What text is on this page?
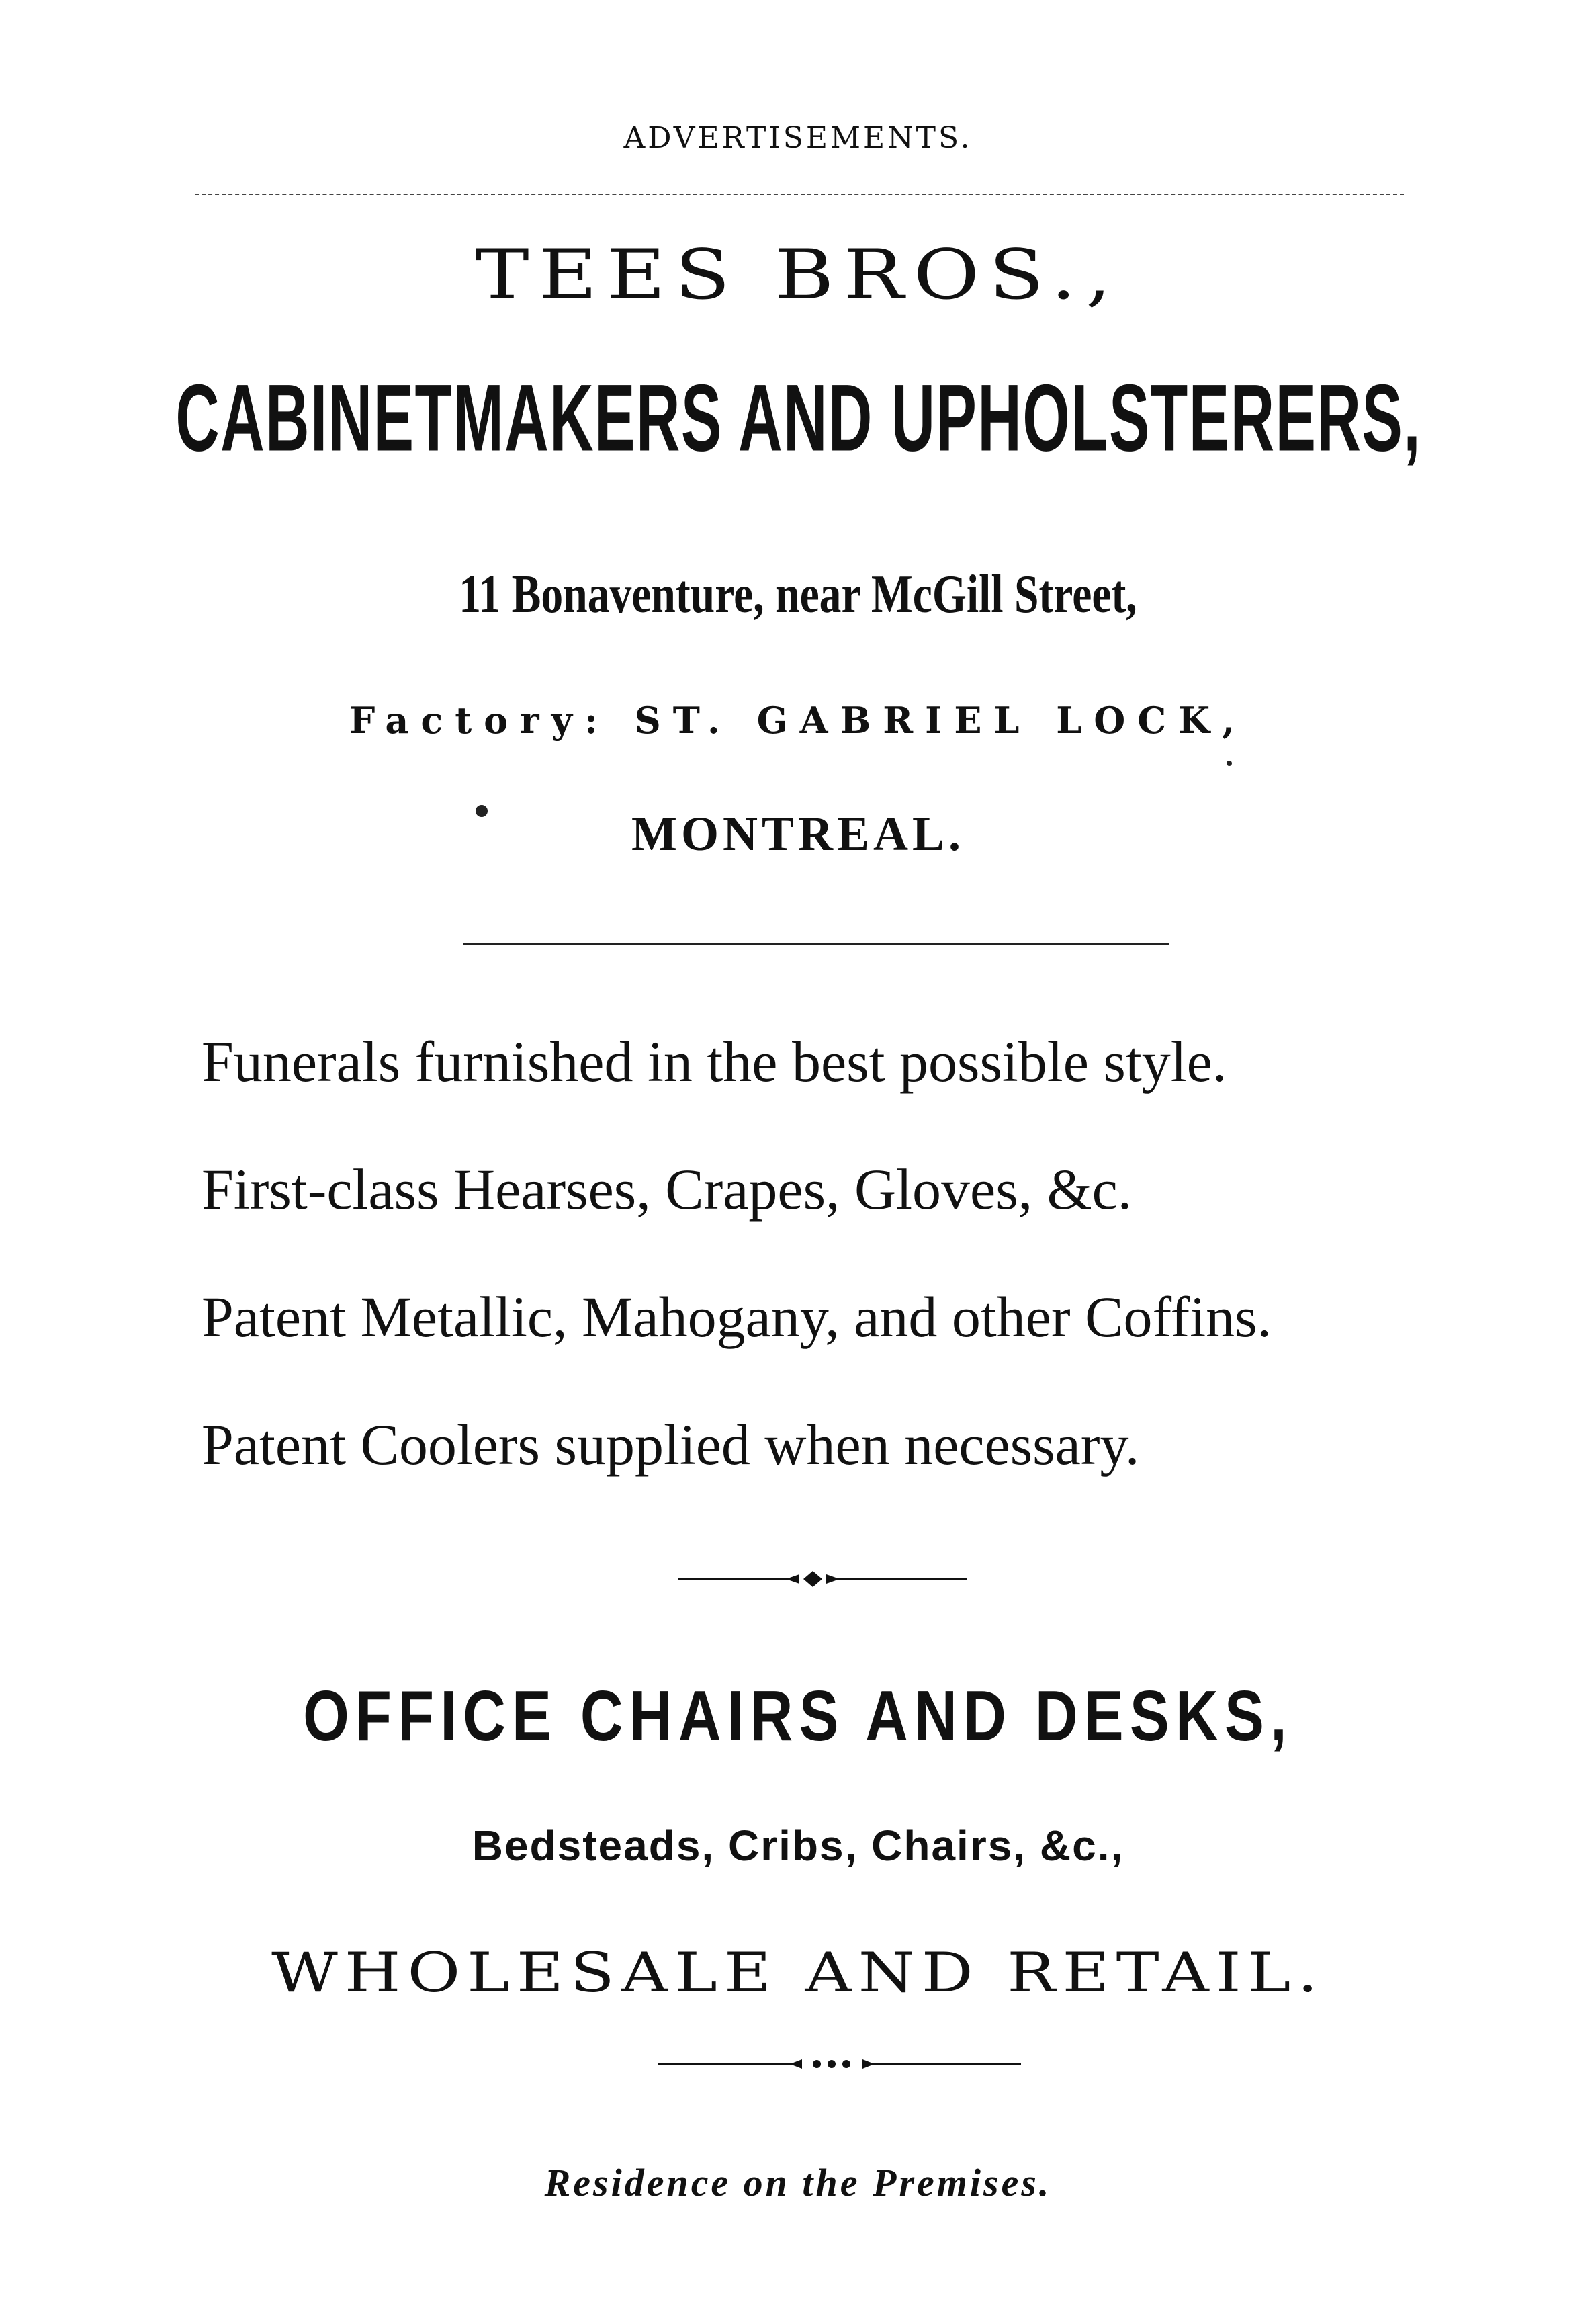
ADVERTISEMENTS.
TEES BROS.,
CABINETMAKERS AND UPHOLSTERERS,
11 Bonaventure, near McGill Street,
Factory: ST. GABRIEL LOCK,
MONTREAL.
Funerals furnished in the best possible style.
First-class Hearses, Crapes, Gloves, &c.
Patent Metallic, Mahogany, and other Coffins.
Patent Coolers supplied when necessary.
OFFICE CHAIRS AND DESKS,
Bedsteads, Cribs, Chairs, &c.,
WHOLESALE AND RETAIL.
Residence on the Premises.
